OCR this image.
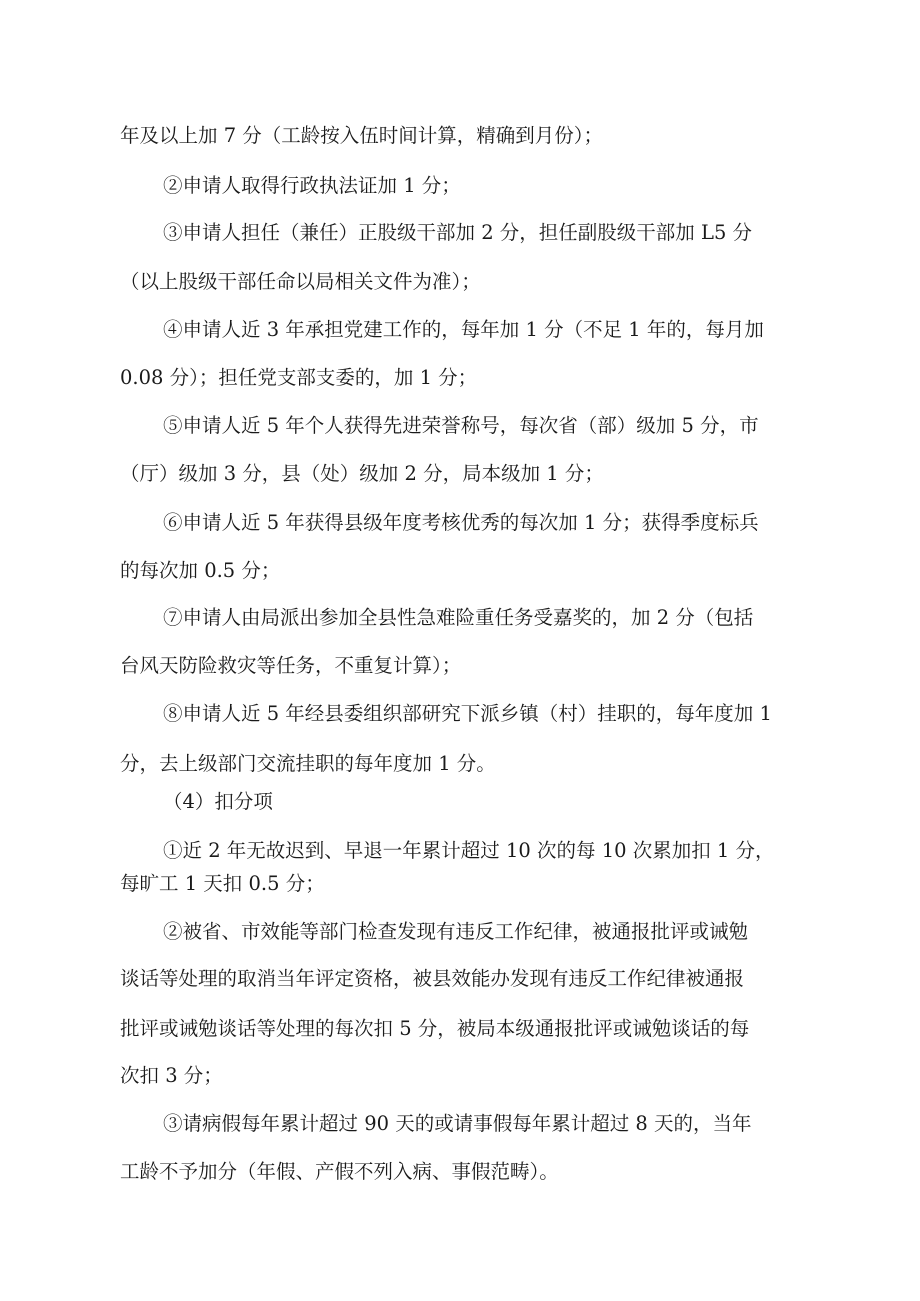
年及以上加 7 分（工龄按入伍时间计算，精确到月份）；
②申请人取得行政执法证加 1 分；
③申请人担任（兼任）正股级干部加 2 分，担任副股级干部加 L5 分
（以上股级干部任命以局相关文件为准）；
④申请人近 3 年承担党建工作的，每年加 1 分（不足 1 年的，每月加
0.08 分）；担任党支部支委的，加 1 分；
⑤申请人近 5 年个人获得先进荣誉称号，每次省（部）级加 5 分，市
（厅）级加 3 分，县（处）级加 2 分，局本级加 1 分；
⑥申请人近 5 年获得县级年度考核优秀的每次加 1 分；获得季度标兵
的每次加 0.5 分；
⑦申请人由局派出参加全县性急难险重任务受嘉奖的，加 2 分（包括
台风天防险救灾等任务，不重复计算）；
⑧申请人近 5 年经县委组织部研究下派乡镇（村）挂职的，每年度加 1
分，去上级部门交流挂职的每年度加 1 分。
（4）扣分项
①近 2 年无故迟到、早退一年累计超过 10 次的每 10 次累加扣 1 分，
每旷工 1 天扣 0.5 分；
②被省、市效能等部门检查发现有违反工作纪律，被通报批评或诫勉
谈话等处理的取消当年评定资格，被县效能办发现有违反工作纪律被通报
批评或诫勉谈话等处理的每次扣 5 分，被局本级通报批评或诫勉谈话的每
次扣 3 分；
③请病假每年累计超过 90 天的或请事假每年累计超过 8 天的，当年
工龄不予加分（年假、产假不列入病、事假范畴）。
